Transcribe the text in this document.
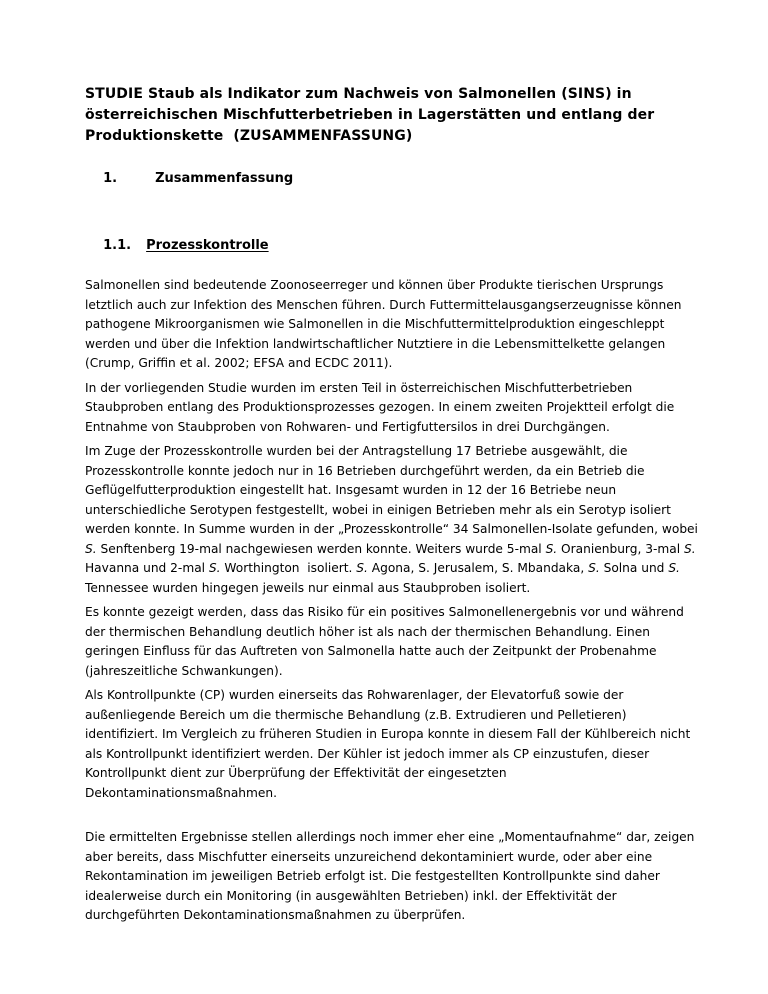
STUDIE Staub als Indikator zum Nachweis von Salmonellen (SINS) in österreichischen Mischfutterbetrieben in Lagerstätten und entlang der Produktionskette  (ZUSAMMENFASSUNG)

1.	Zusammenfassung

1.1. Prozesskontrolle

Salmonellen sind bedeutende Zoonoseerreger und können über Produkte tierischen Ursprungs letztlich auch zur Infektion des Menschen führen. Durch Futtermittelausgangserzeugnisse können pathogene Mikroorganismen wie Salmonellen in die Mischfuttermittelproduktion eingeschleppt werden und über die Infektion landwirtschaftlicher Nutztiere in die Lebensmittelkette gelangen (Crump, Griffin et al. 2002; EFSA and ECDC 2011).

In der vorliegenden Studie wurden im ersten Teil in österreichischen Mischfutterbetrieben Staubproben entlang des Produktionsprozesses gezogen. In einem zweiten Projektteil erfolgt die Entnahme von Staubproben von Rohwaren- und Fertigfuttersilos in drei Durchgängen.

Im Zuge der Prozesskontrolle wurden bei der Antragstellung 17 Betriebe ausgewählt, die Prozesskontrolle konnte jedoch nur in 16 Betrieben durchgeführt werden, da ein Betrieb die Geflügelfutterproduktion eingestellt hat. Insgesamt wurden in 12 der 16 Betriebe neun unterschiedliche Serotypen festgestellt, wobei in einigen Betrieben mehr als ein Serotyp isoliert werden konnte. In Summe wurden in der „Prozesskontrolle“ 34 Salmonellen-Isolate gefunden, wobei S. Senftenberg 19-mal nachgewiesen werden konnte. Weiters wurde 5-mal S. Oranienburg, 3-mal S. Havanna und 2-mal S. Worthington  isoliert. S. Agona, S. Jerusalem, S. Mbandaka, S. Solna und S. Tennessee wurden hingegen jeweils nur einmal aus Staubproben isoliert.

Es konnte gezeigt werden, dass das Risiko für ein positives Salmonellenergebnis vor und während der thermischen Behandlung deutlich höher ist als nach der thermischen Behandlung. Einen geringen Einfluss für das Auftreten von Salmonella hatte auch der Zeitpunkt der Probenahme (jahreszeitliche Schwankungen).

Als Kontrollpunkte (CP) wurden einerseits das Rohwarenlager, der Elevatorfuß sowie der außenliegende Bereich um die thermische Behandlung (z.B. Extrudieren und Pelletieren) identifiziert. Im Vergleich zu früheren Studien in Europa konnte in diesem Fall der Kühlbereich nicht als Kontrollpunkt identifiziert werden. Der Kühler ist jedoch immer als CP einzustufen, dieser Kontrollpunkt dient zur Überprüfung der Effektivität der eingesetzten Dekontaminationsmaßnahmen.

Die ermittelten Ergebnisse stellen allerdings noch immer eher eine „Momentaufnahme“ dar, zeigen aber bereits, dass Mischfutter einerseits unzureichend dekontaminiert wurde, oder aber eine Rekontamination im jeweiligen Betrieb erfolgt ist. Die festgestellten Kontrollpunkte sind daher idealerweise durch ein Monitoring (in ausgewählten Betrieben) inkl. der Effektivität der durchgeführten Dekontaminationsmaßnahmen zu überprüfen.
